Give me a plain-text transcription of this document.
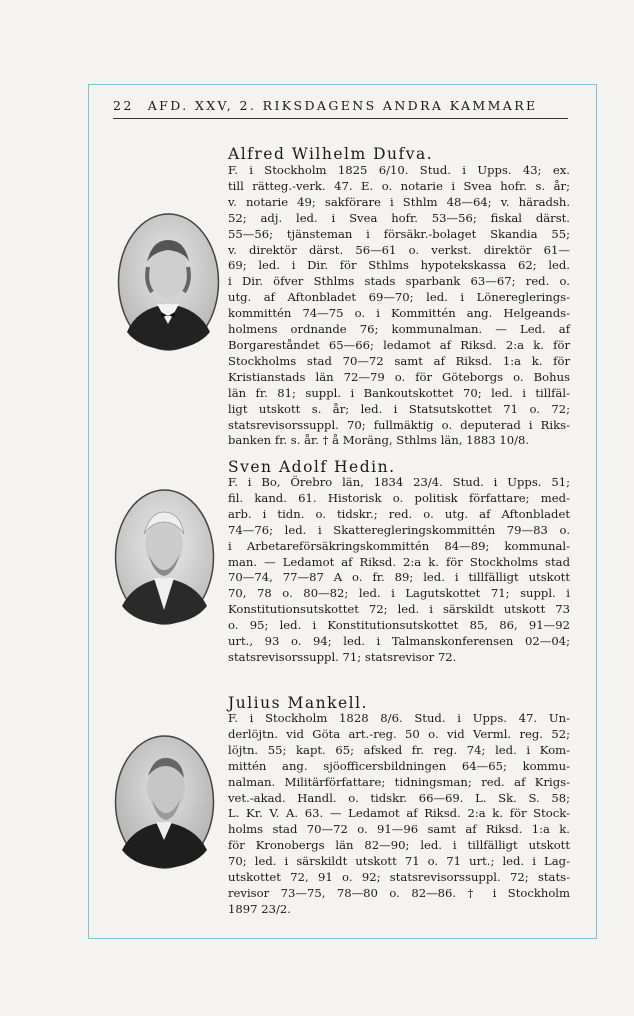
22 AFD. XXV, 2. RIKSDAGENS ANDRA KAMMARE
Alfred Wilhelm Dufva.
F. i Stockholm 1825 6/10. Stud. i Upps. 43; ex.
till rätteg.-verk. 47. E. o. notarie i Svea hofr. s. år;
v. notarie 49; sakförare i Sthlm 48—64; v. häradsh.
52; adj. led. i Svea hofr. 53—56; fiskal därst.
55—56; tjänsteman i försäkr.-bolaget Skandia 55;
v. direktör därst. 56—61 o. verkst. direktör 61—
69; led. i Dir. för Sthlms hypotekskassa 62; led.
i Dir. öfver Sthlms stads sparbank 63—67; red. o.
utg. af Aftonbladet 69—70; led. i Lönereglerings-
kommittén 74—75 o. i Kommittén ang. Helgeands-
holmens ordnande 76; kommunalman. — Led. af
Borgareståndet 65—66; ledamot af Riksd. 2:a k. för
Stockholms stad 70—72 samt af Riksd. 1:a k. för
Kristianstads län 72—79 o. för Göteborgs o. Bohus
län fr. 81; suppl. i Bankoutskottet 70; led. i tillfäl-
ligt utskott s. år; led. i Statsutskottet 71 o. 72;
statsrevisorssuppl. 70; fullmäktig o. deputerad i Riks-
banken fr. s. år. † å Moräng, Sthlms län, 1883 10/8.
Sven Adolf Hedin.
F. i Bo, Örebro län, 1834 23/4. Stud. i Upps. 51;
fil. kand. 61. Historisk o. politisk författare; med-
arb. i tidn. o. tidskr.; red. o. utg. af Aftonbladet
74—76; led. i Skatteregleringskommittén 79—83 o.
i Arbetareförsäkringskommittén 84—89; kommunal-
man. — Ledamot af Riksd. 2:a k. för Stockholms stad
70—74, 77—87 A o. fr. 89; led. i tillfälligt utskott
70, 78 o. 80—82; led. i Lagutskottet 71; suppl. i
Konstitutionsutskottet 72; led. i särskildt utskott 73
o. 95; led. i Konstitutionsutskottet 85, 86, 91—92
urt., 93 o. 94; led. i Talmanskonferensen 02—04;
statsrevisorssuppl. 71; statsrevisor 72.
Julius Mankell.
F. i Stockholm 1828 8/6. Stud. i Upps. 47. Un-
derlöjtn. vid Göta art.-reg. 50 o. vid Verml. reg. 52;
löjtn. 55; kapt. 65; afsked fr. reg. 74; led. i Kom-
mittén ang. sjöofficersbildningen 64—65; kommu-
nalman. Militärförfattare; tidningsman; red. af Krigs-
vet.-akad. Handl. o. tidskr. 66—69. L. Sk. S. 58;
L. Kr. V. A. 63. — Ledamot af Riksd. 2:a k. för Stock-
holms stad 70—72 o. 91—96 samt af Riksd. 1:a k.
för Kronobergs län 82—90; led. i tillfälligt utskott
70; led. i särskildt utskott 71 o. 71 urt.; led. i Lag-
utskottet 72, 91 o. 92; statsrevisorssuppl. 72; stats-
revisor 73—75, 78—80 o. 82—86. † i Stockholm
1897 23/2.
